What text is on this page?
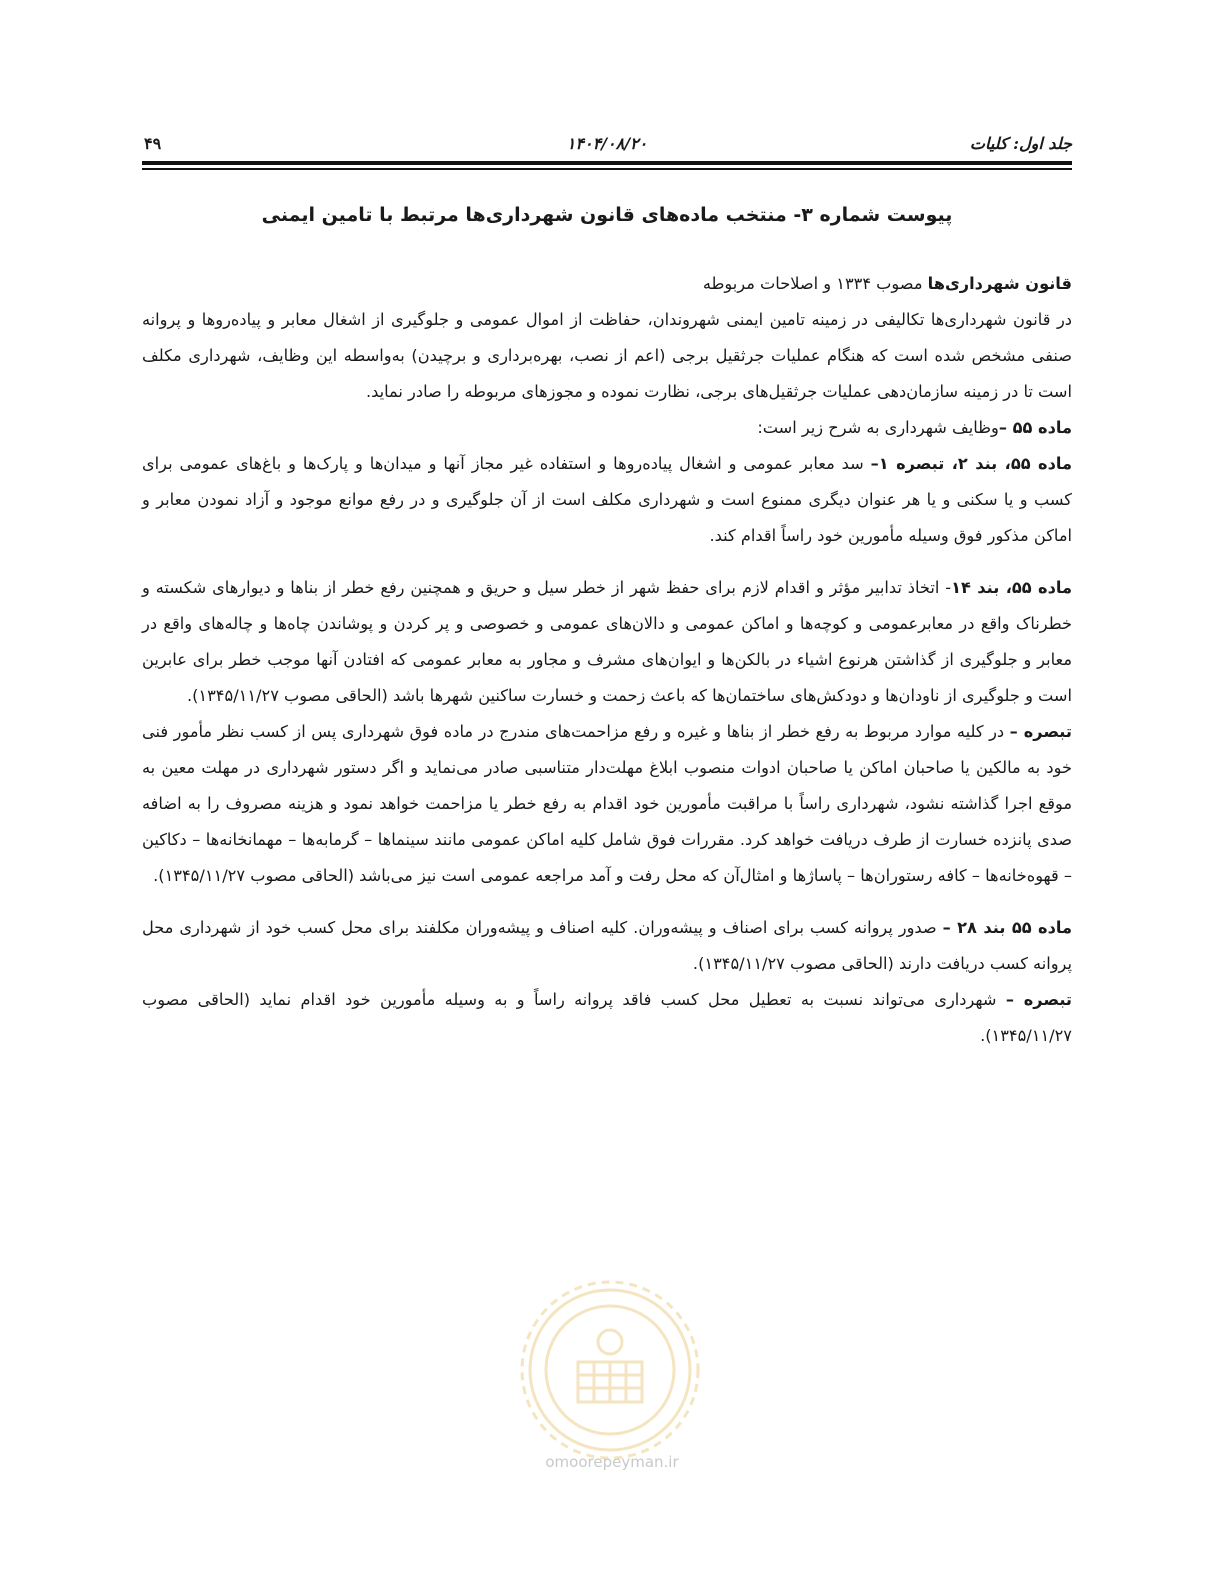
جلد اول: کلیات
۱۴۰۴/۰۸/۲۰
۴۹
پیوست شماره ۳- منتخب ماده‌های قانون شهرداری‌ها مرتبط با تامین ایمنی

قانون شهرداری‌ها مصوب ۱۳۳۴ و اصلاحات مربوطه

در قانون شهرداری‌ها تکالیفی در زمینه تامین ایمنی شهروندان، حفاظت از اموال عمومی و جلوگیری از اشغال معابر و پیاده‌روها و پروانه صنفی مشخص شده است که هنگام عملیات جرثقیل برجی (اعم از نصب، بهره‌برداری و برچیدن) به‌واسطه این وظایف، شهرداری مکلف است تا در زمینه سازمان‌دهی عملیات جرثقیل‌های برجی، نظارت نموده و مجوزهای مربوطه را صادر نماید.

ماده ۵۵ –وظایف شهرداری به شرح زیر است:

ماده ۵۵، بند ۲، تبصره ۱– سد معابر عمومی و اشغال پیاده‌روها و استفاده غیر مجاز آنها و میدان‌ها و پارک‌ها و باغ‌های عمومی برای کسب و یا سکنی و یا هر عنوان دیگری ممنوع است و شهرداری مکلف است از آن جلوگیری و در رفع موانع موجود و آزاد نمودن معابر و اماکن مذکور فوق وسیله مأمورین خود راساً اقدام کند.

ماده ۵۵، بند ۱۴- اتخاذ تدابیر مؤثر و اقدام لازم برای حفظ شهر از خطر سیل و حریق و همچنین رفع خطر از بناها و دیوارهای شکسته و خطرناک واقع در معابرعمومی و کوچه‌ها و اماکن عمومی و دالان‌های عمومی و خصوصی و پر کردن و پوشاندن چاه‌ها و چاله‌های واقع در معابر و جلوگیری از گذاشتن هرنوع اشیاء در بالکن‌ها و ایوان‌های مشرف و مجاور به معابر عمومی که افتادن آنها موجب خطر برای عابرین است و جلوگیری از ناودان‌ها و دودکش‌های ساختمان‌ها که باعث زحمت و خسارت ساکنین شهرها باشد (الحاقی مصوب ۱۳۴۵/۱۱/۲۷).

تبصره – در کلیه موارد مربوط به رفع خطر از بناها و غیره و رفع مزاحمت‌های مندرج در ماده فوق شهرداری پس از کسب نظر مأمور فنی خود به مالکین یا صاحبان اماکن یا صاحبان ادوات منصوب ابلاغ مهلت‌دار متناسبی صادر می‌نماید و اگر دستور شهرداری در مهلت معین به موقع اجرا گذاشته نشود، شهرداری راساً با مراقبت مأمورین خود اقدام به رفع خطر یا مزاحمت خواهد نمود و هزینه مصروف را به اضافه صدی پانزده خسارت از طرف دریافت خواهد کرد. مقررات فوق شامل کلیه اماکن عمومی مانند سینماها – گرمابه‌ها – مهمانخانه‌ها – دکاکین – قهوه‌خانه‌ها – کافه رستوران‌ها – پاساژها و امثال‌آن که محل رفت و آمد مراجعه عمومی است نیز می‌باشد (الحاقی مصوب ۱۳۴۵/۱۱/۲۷).

ماده ۵۵ بند ۲۸ – صدور پروانه کسب برای اصناف و پیشه‌وران. کلیه اصناف و پیشه‌وران مکلفند برای محل کسب خود از شهرداری محل پروانه کسب دریافت دارند (الحاقی مصوب ۱۳۴۵/۱۱/۲۷).

تبصره – شهرداری می‌تواند نسبت به تعطیل محل کسب فاقد پروانه راساً و به وسیله مأمورین خود اقدام نماید (الحاقی مصوب ۱۳۴۵/۱۱/۲۷).

omoorepeyman.ir
